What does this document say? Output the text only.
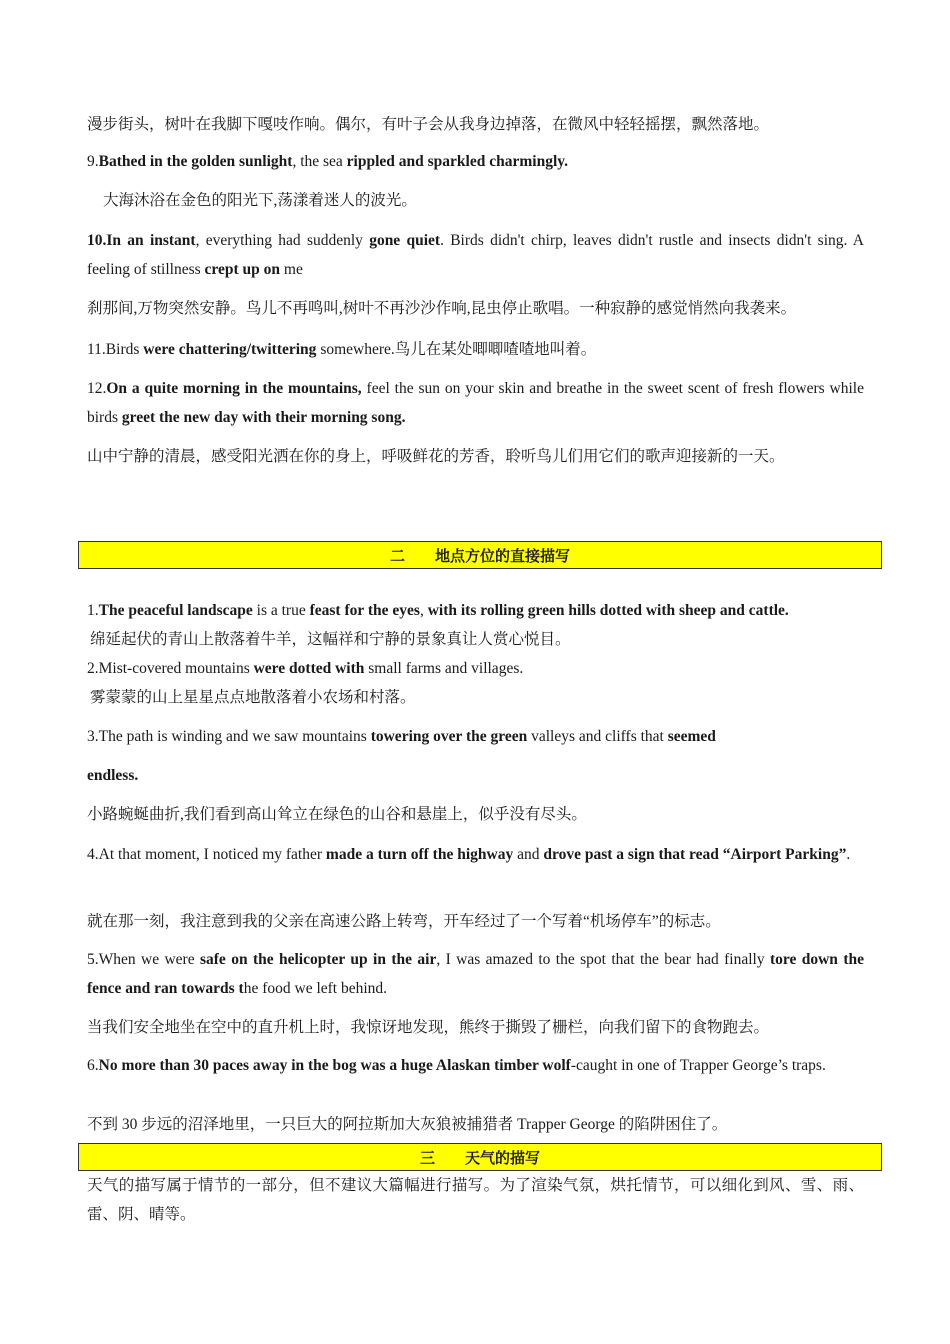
漫步街头，树叶在我脚下嘎吱作响。偶尔，有叶子会从我身边掉落，在微风中轻轻摇摆，飘然落地。

9.Bathed in the golden sunlight, the sea rippled and sparkled charmingly.

大海沐浴在金色的阳光下,荡漾着迷人的波光。

10.In an instant, everything had suddenly gone quiet. Birds didn't chirp, leaves didn't rustle and insects didn't sing. A feeling of stillness crept up on me

刹那间,万物突然安静。鸟儿不再鸣叫,树叶不再沙沙作响,昆虫停止歌唱。一种寂静的感觉悄然向我袭来。

11.Birds were chattering/twittering somewhere.鸟儿在某处唧唧喳喳地叫着。

12.On a quite morning in the mountains, feel the sun on your skin and breathe in the sweet scent of fresh flowers while birds greet the new day with their morning song.

山中宁静的清晨，感受阳光洒在你的身上，呼吸鲜花的芳香，聆听鸟儿们用它们的歌声迎接新的一天。

二 地点方位的直接描写

1.The peaceful landscape is a true feast for the eyes, with its rolling green hills dotted with sheep and cattle.

绵延起伏的青山上散落着牛羊，这幅祥和宁静的景象真让人赏心悦目。

2.Mist-covered mountains were dotted with small farms and villages.

雾蒙蒙的山上星星点点地散落着小农场和村落。

3.The path is winding and we saw mountains towering over the green valleys and cliffs that seemed

endless.

小路蜿蜒曲折,我们看到高山耸立在绿色的山谷和悬崖上，似乎没有尽头。

4.At that moment, I noticed my father made a turn off the highway and drove past a sign that read “Airport Parking”.

就在那一刻，我注意到我的父亲在高速公路上转弯，开车经过了一个写着“机场停车”的标志。

5.When we were safe on the helicopter up in the air, I was amazed to the spot that the bear had finally tore down the fence and ran towards the food we left behind.

当我们安全地坐在空中的直升机上时，我惊讶地发现，熊终于撕毁了栅栏，向我们留下的食物跑去。

6.No more than 30 paces away in the bog was a huge Alaskan timber wolf-caught in one of Trapper George’s traps.

不到 30 步远的沼泽地里，一只巨大的阿拉斯加大灰狼被捕猎者 Trapper George 的陷阱困住了。

三 天气的描写

天气的描写属于情节的一部分，但不建议大篇幅进行描写。为了渲染气氛，烘托情节，可以细化到风、雪、雨、雷、阴、晴等。
